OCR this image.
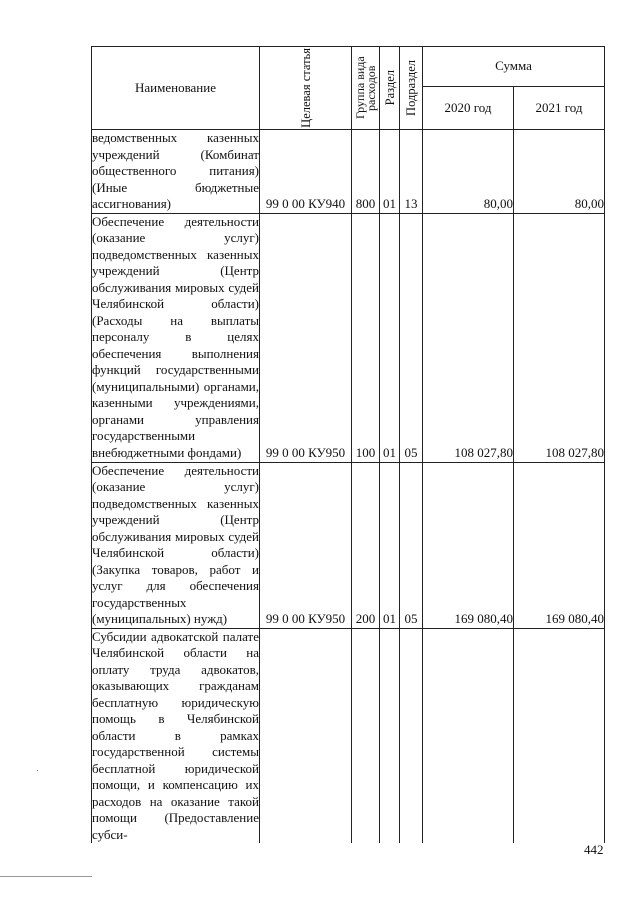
Наименование	Целевая статья	Группа вида расходов	Раздел	Подраздел	Сумма	
					2020 год	2021 год
ведомственных казенных учреждений (Комбинат общественного питания) (Иные бюджетные ассигнования)	99 0 00 КУ940	800	01	13	80,00	80,00
Обеспечение деятельности (оказание услуг) подведомственных казенных учреждений (Центр обслуживания мировых судей Челябинской области) (Расходы на выплаты персоналу в целях обеспечения выполнения функций государственными (муниципальными) органами, казенными учреждениями, органами управления государственными внебюджетными фондами)	99 0 00 КУ950	100	01	05	108 027,80	108 027,80
Обеспечение деятельности (оказание услуг) подведомственных казенных учреждений (Центр обслуживания мировых судей Челябинской области) (Закупка товаров, работ и услуг для обеспечения государственных (муниципальных) нужд)	99 0 00 КУ950	200	01	05	169 080,40	169 080,40
Субсидии адвокатской палате Челябинской области на оплату труда адвокатов, оказывающих гражданам бесплатную юридическую помощь в Челябинской области в рамках государственной системы бесплатной юридической помощи, и компенсацию их расходов на оказание такой помощи (Предоставление субси-						
442
